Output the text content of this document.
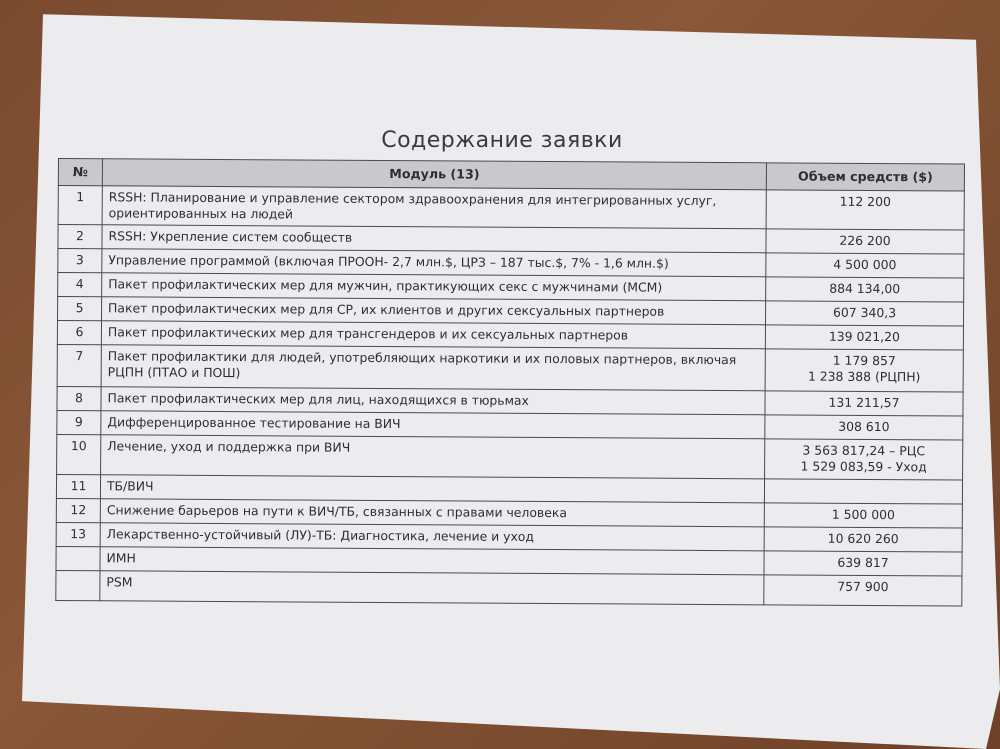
Содержание заявки
№	Модуль (13)	Объем средств ($)
1	RSSH: Планирование и управление сектором здравоохранения для интегрированных услуг,
ориентированных на людей	112 200

2	RSSH: Укрепление систем сообществ	226 200

3	Управление программой (включая ПРООН- 2,7 млн.$, ЦРЗ – 187 тыс.$, 7% - 1,6 млн.$)	4 500 000

4	Пакет профилактических мер для мужчин, практикующих секс с мужчинами (МСМ)	884 134,00

5	Пакет профилактических мер для СР, их клиентов и других сексуальных партнеров	607 340,3

6	Пакет профилактических мер для трансгендеров и их сексуальных партнеров	139 021,20

7	Пакет профилактики для людей, употребляющих наркотики и их половых партнеров, включая
РЦПН (ПТАО и ПОШ)	1 179 857
1 238 388 (РЦПН)

8	Пакет профилактических мер для лиц, находящихся в тюрьмах	131 211,57

9	Дифференцированное тестирование на ВИЧ	308 610

10	Лечение, уход и поддержка при ВИЧ	3 563 817,24 – РЦС
1 529 083,59 - Уход

11	ТБ/ВИЧ	

12	Снижение барьеров на пути к ВИЧ/ТБ, связанных с правами человека	1 500 000

13	Лекарственно-устойчивый (ЛУ)-ТБ: Диагностика, лечение и уход	10 620 260

	ИМН	639 817

	PSM	757 900
